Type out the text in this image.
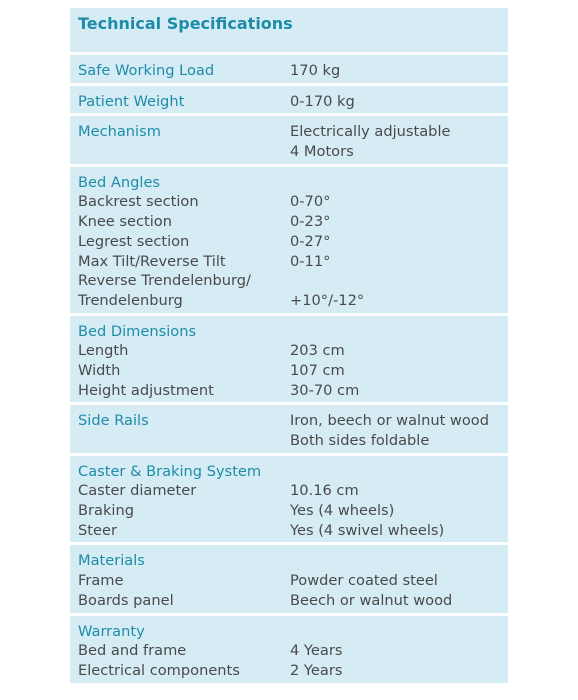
Technical Specifications
Safe Working Load	170 kg
Patient Weight	0-170 kg
Mechanism	Electrically adjustable
4 Motors
Bed Angles
Backrest section	0-70°
Knee section	0-23°
Legrest section	0-27°
Max Tilt/Reverse Tilt	0-11°
Reverse Trendelenburg/
Trendelenburg	+10°/-12°
Bed Dimensions
Length	203 cm
Width	107 cm
Height adjustment	30-70 cm
Side Rails	Iron, beech or walnut wood
Both sides foldable
Caster & Braking System
Caster diameter	10.16 cm
Braking	Yes (4 wheels)
Steer	Yes (4 swivel wheels)
Materials
Frame	Powder coated steel
Boards panel	Beech or walnut wood
Warranty
Bed and frame	4 Years
Electrical components	2 Years
